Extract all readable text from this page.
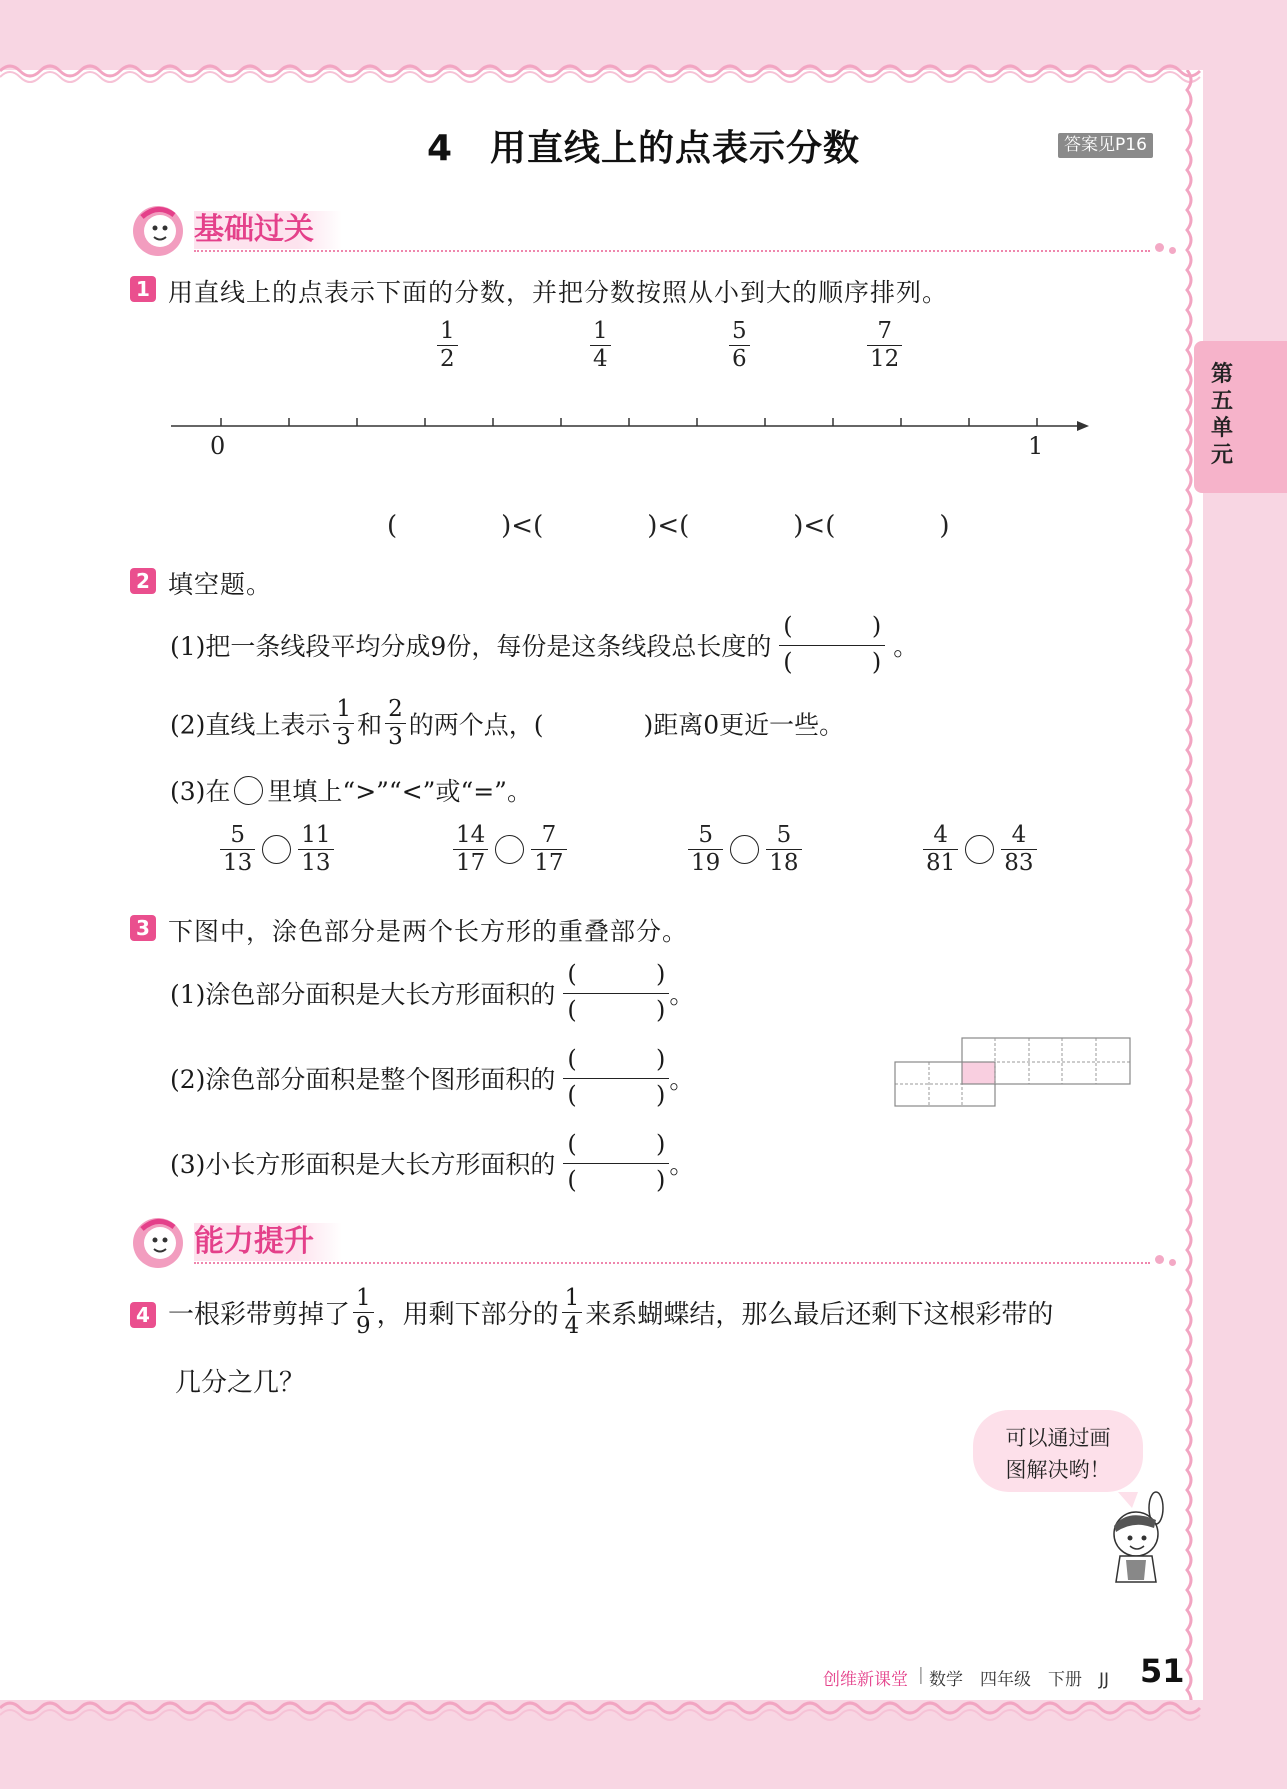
第
五
单
元
4　用直线上的点表示分数	答案见P16
基础过关
1 用直线上的点表示下面的分数，并把分数按照从小到大的顺序排列。
$\frac{1}{2}$	$\frac{1}{4}$	$\frac{5}{6}$	$\frac{7}{12}$
0	1
(　　　　)<(　　　　)<(　　　　)<(　　　　)
2 填空题。
(1)把一条线段平均分成9份，每份是这条线段总长度的
(	)
(	)
。
(2)直线上表示 $\frac{1}{3}$ 和 $\frac{2}{3}$ 的两个点，(　　　　)距离0更近一些。
(3)在 里填上“>”“<”或“=”。
$\frac{5}{13} \frac{11}{13}$	$\frac{14}{17} \frac{7}{17}$	$\frac{5}{19} \frac{5}{18}$	$\frac{4}{81} \frac{4}{83}$
3 下图中，涂色部分是两个长方形的重叠部分。
(1)涂色部分面积是大长方形面积的
(	)
(	)
。
(2)涂色部分面积是整个图形面积的
(	)
(	)
。
(3)小长方形面积是大长方形面积的
(	)
(	)
。
能力提升
4 一根彩带剪掉了 $\frac{1}{9}$ ，用剩下部分的 $\frac{1}{4}$ 来系蝴蝶结，那么最后还剩下这根彩带的
几分之几？
可以通过画
图解决哟！
创维新课堂 | 数学　四年级　下册　JJ 51
